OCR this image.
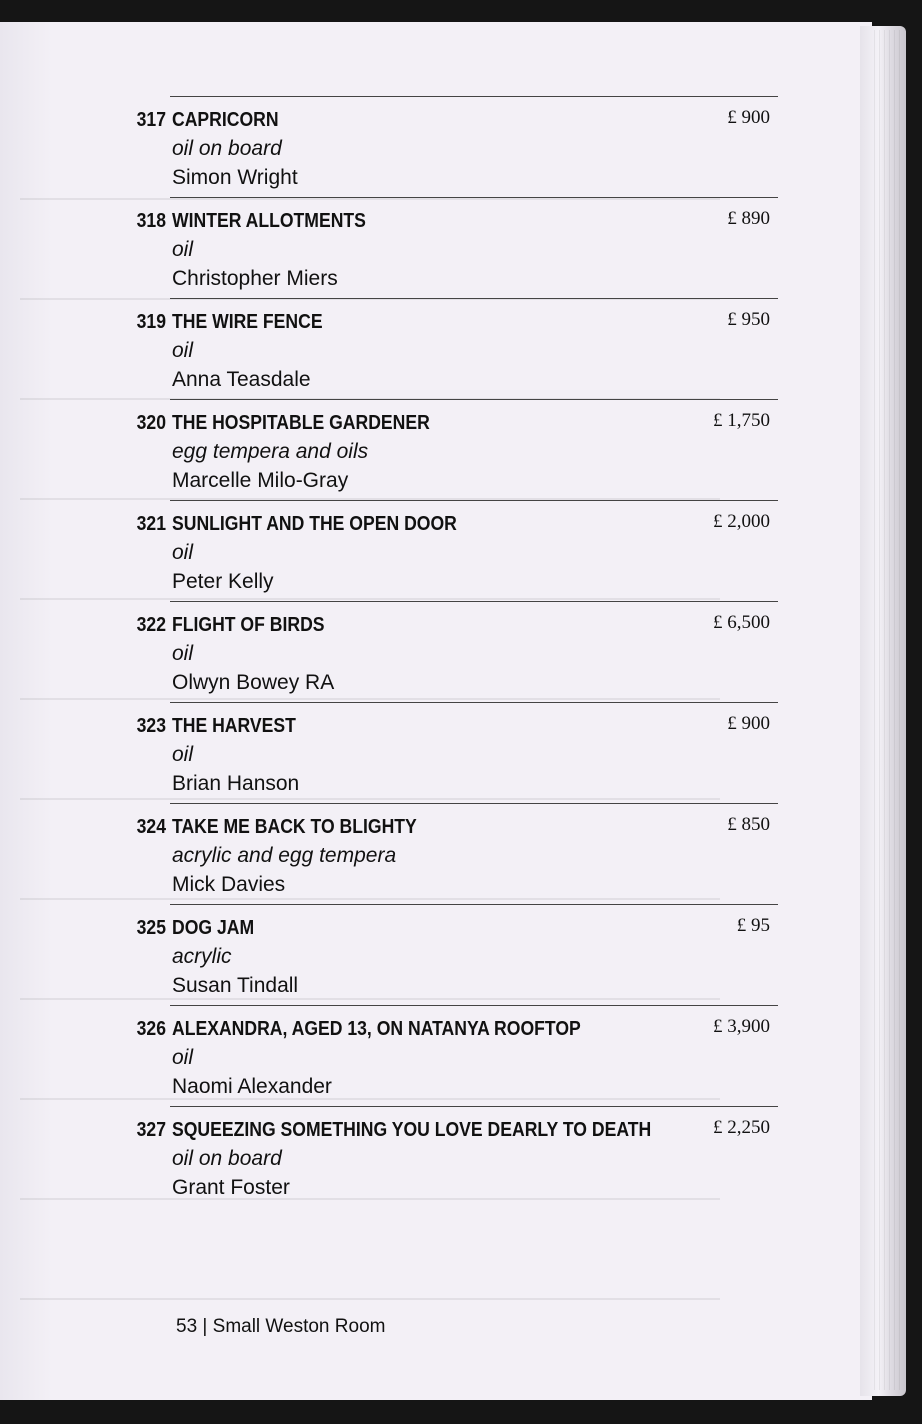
317 CAPRICORN
oil on board
Simon Wright
£ 900
318 WINTER ALLOTMENTS
oil
Christopher Miers
£ 890
319 THE WIRE FENCE
oil
Anna Teasdale
£ 950
320 THE HOSPITABLE GARDENER
egg tempera and oils
Marcelle Milo-Gray
£ 1,750
321 SUNLIGHT AND THE OPEN DOOR
oil
Peter Kelly
£ 2,000
322 FLIGHT OF BIRDS
oil
Olwyn Bowey RA
£ 6,500
323 THE HARVEST
oil
Brian Hanson
£ 900
324 TAKE ME BACK TO BLIGHTY
acrylic and egg tempera
Mick Davies
£ 850
325 DOG JAM
acrylic
Susan Tindall
£ 95
326 ALEXANDRA, AGED 13, ON NATANYA ROOFTOP
oil
Naomi Alexander
£ 3,900
327 SQUEEZING SOMETHING YOU LOVE DEARLY TO DEATH
oil on board
Grant Foster
£ 2,250
53 | Small Weston Room
